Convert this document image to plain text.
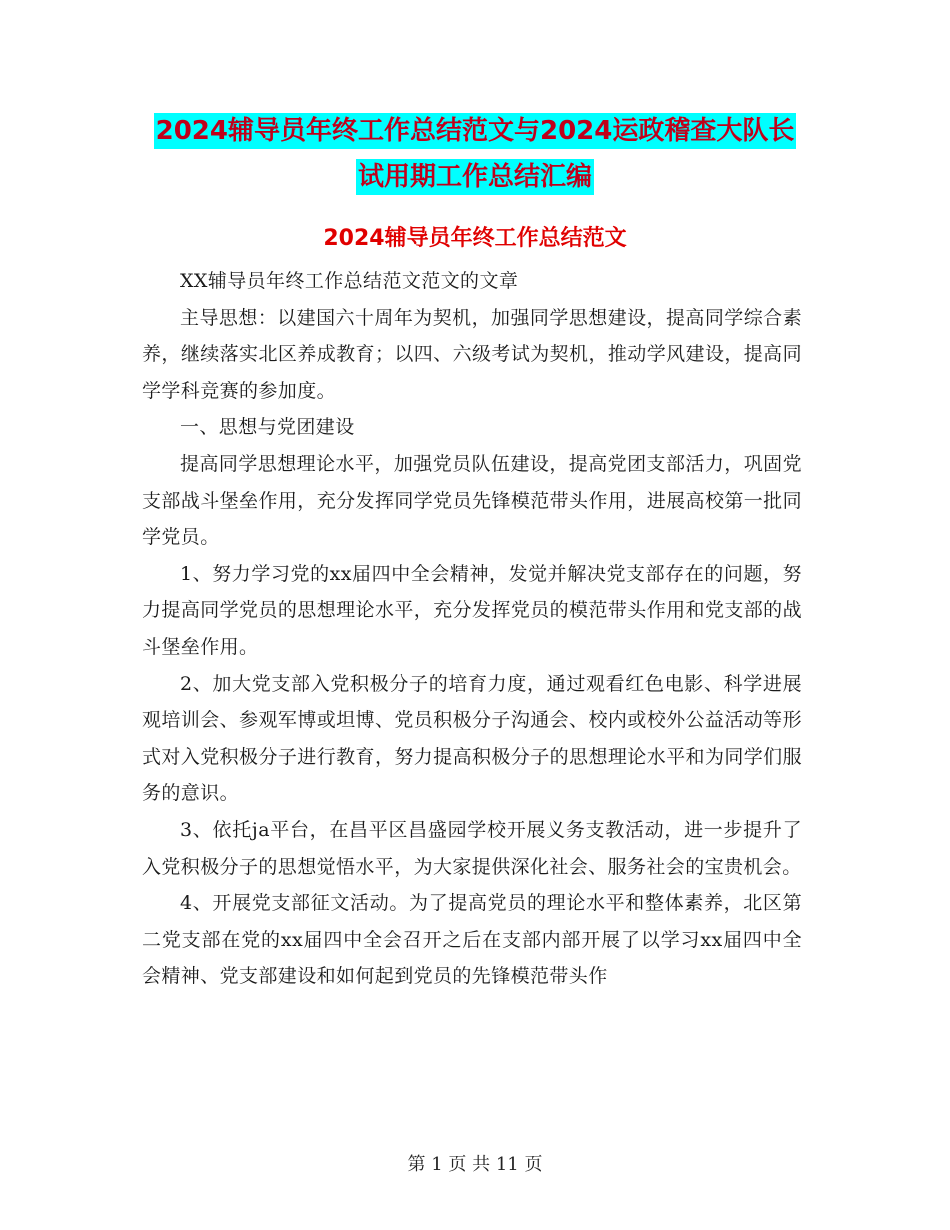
2024辅导员年终工作总结范文与2024运政稽查大队长
试用期工作总结汇编
2024辅导员年终工作总结范文

XX辅导员年终工作总结范文范文的文章

主导思想：以建国六十周年为契机，加强同学思想建设，提高同学综合素养，继续落实北区养成教育；以四、六级考试为契机，推动学风建设，提高同学学科竞赛的参加度。

一、思想与党团建设

提高同学思想理论水平，加强党员队伍建设，提高党团支部活力，巩固党支部战斗堡垒作用，充分发挥同学党员先锋模范带头作用，进展高校第一批同学党员。

1、努力学习党的xx届四中全会精神，发觉并解决党支部存在的问题，努力提高同学党员的思想理论水平，充分发挥党员的模范带头作用和党支部的战斗堡垒作用。

2、加大党支部入党积极分子的培育力度，通过观看红色电影、科学进展观培训会、参观军博或坦博、党员积极分子沟通会、校内或校外公益活动等形式对入党积极分子进行教育，努力提高积极分子的思想理论水平和为同学们服务的意识。

3、依托ja平台，在昌平区昌盛园学校开展义务支教活动，进一步提升了入党积极分子的思想觉悟水平，为大家提供深化社会、服务社会的宝贵机会。

4、开展党支部征文活动。为了提高党员的理论水平和整体素养，北区第二党支部在党的xx届四中全会召开之后在支部内部开展了以学习xx届四中全会精神、党支部建设和如何起到党员的先锋模范带头作

第 1 页 共 11 页
